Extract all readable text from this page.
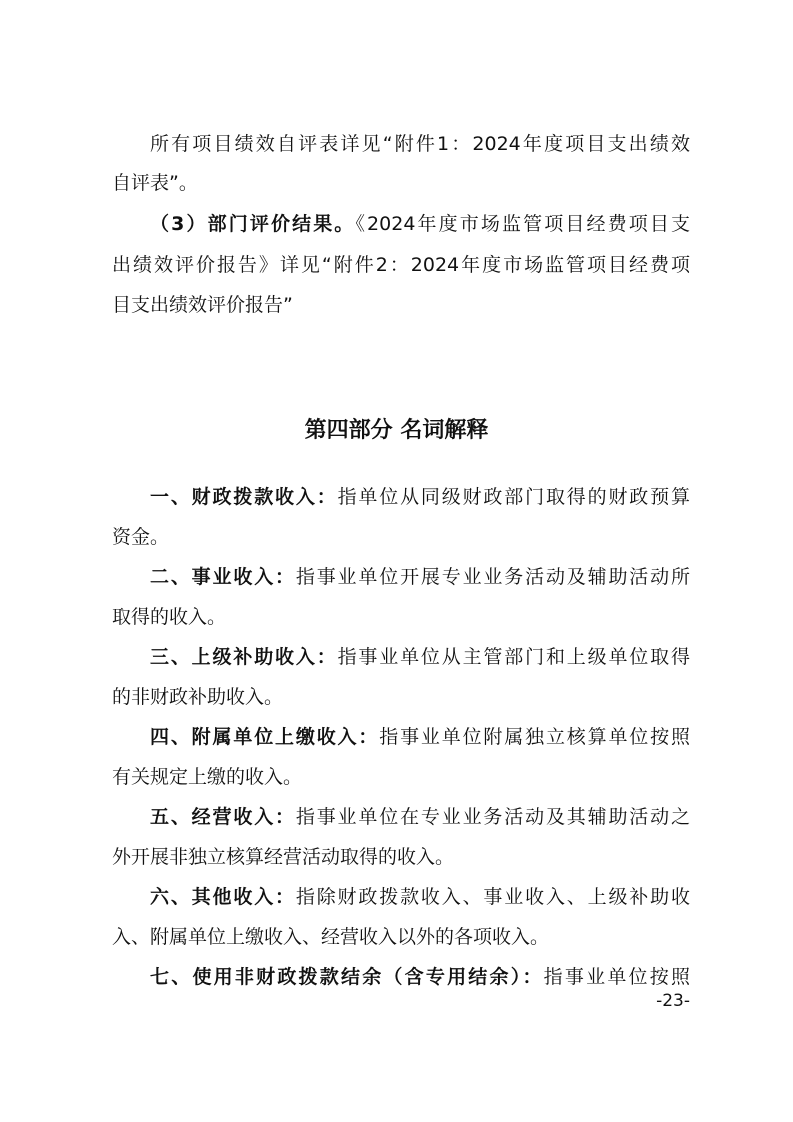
所有项目绩效自评表详见“附件1：2024年度项目支出绩效
自评表”。
（3）部门评价结果。《2024年度市场监管项目经费项目支
出绩效评价报告》详见“附件2：2024年度市场监管项目经费项
目支出绩效评价报告”
第四部分 名词解释
一、财政拨款收入：指单位从同级财政部门取得的财政预算
资金。
二、事业收入：指事业单位开展专业业务活动及辅助活动所
取得的收入。
三、上级补助收入：指事业单位从主管部门和上级单位取得
的非财政补助收入。
四、附属单位上缴收入：指事业单位附属独立核算单位按照
有关规定上缴的收入。
五、经营收入：指事业单位在专业业务活动及其辅助活动之
外开展非独立核算经营活动取得的收入。
六、其他收入：指除财政拨款收入、事业收入、上级补助收
入、附属单位上缴收入、经营收入以外的各项收入。
七、使用非财政拨款结余（含专用结余）：指事业单位按照
-23-
